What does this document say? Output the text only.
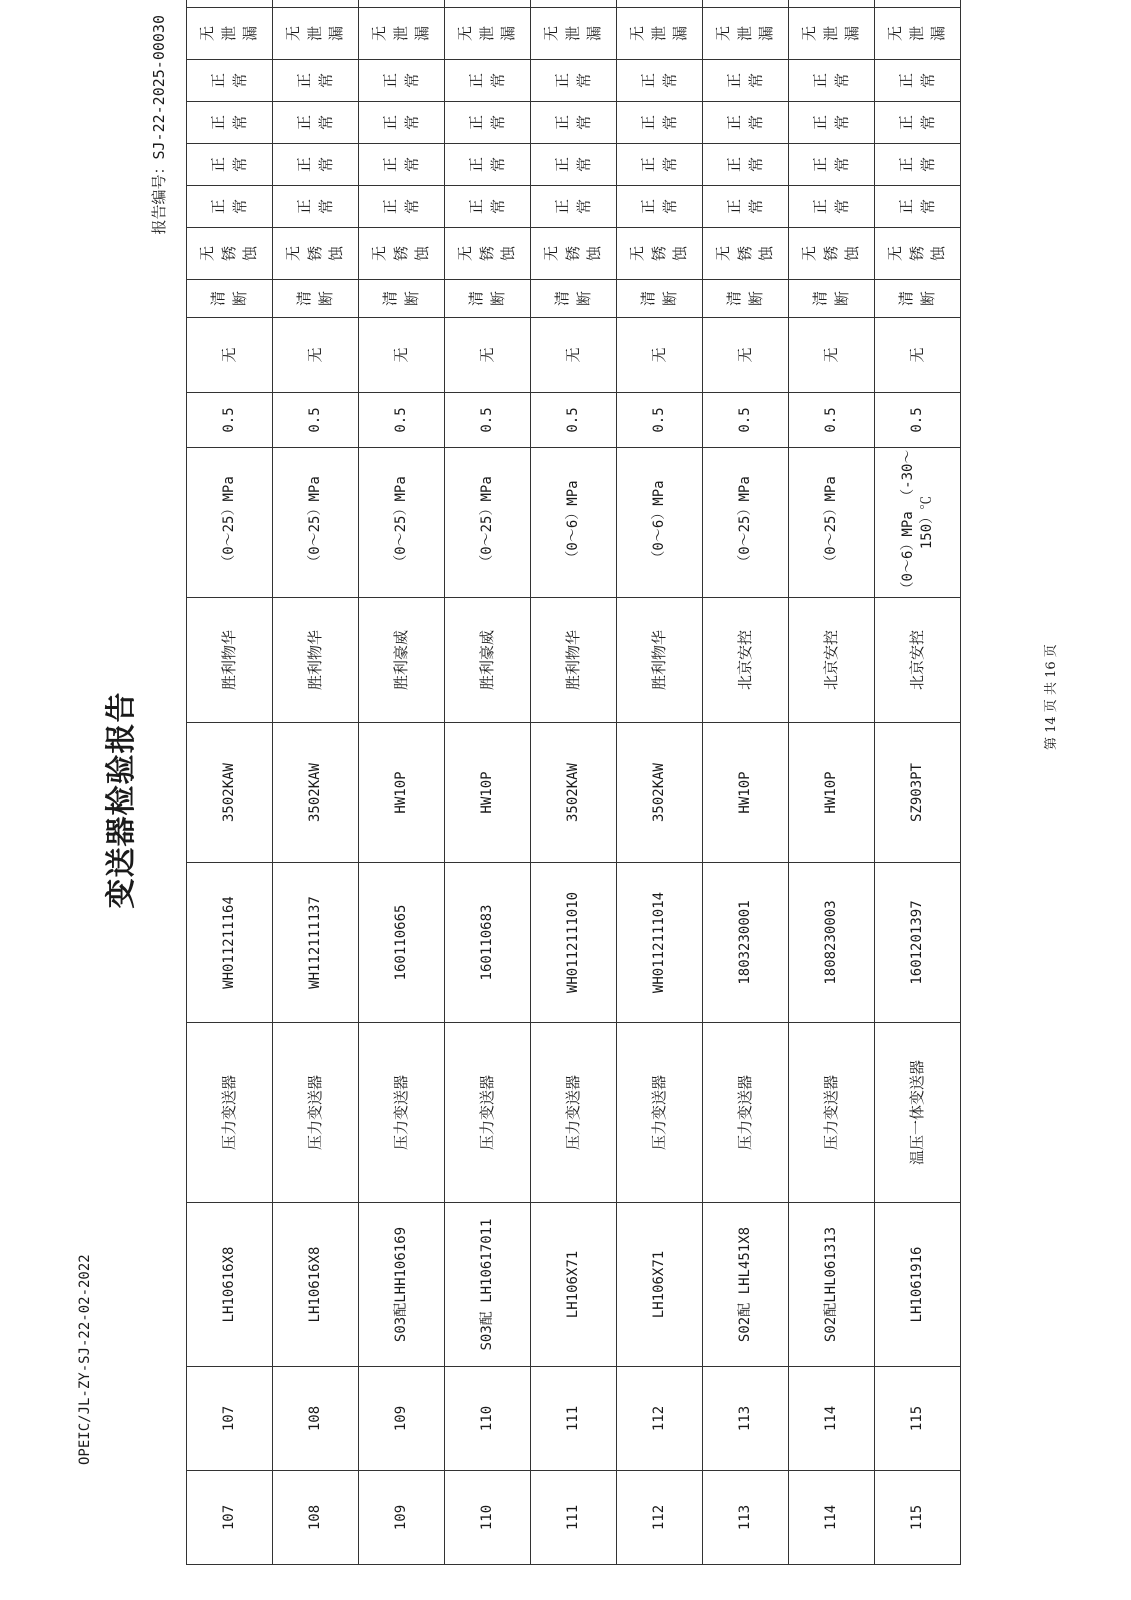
OPEIC/JL-ZY-SJ-22-02-2022
变送器检验报告
报告编号：SJ-22-2025-00030
107	107	LH10616X8	压力变送器	WH011211164	3502KAW	胜利物华	（0～25）MPa	0.5	无	清断	无锈蚀	正常	正常	正常	正常	无泄漏	
108	108	LH10616X8	压力变送器	WH112111137	3502KAW	胜利物华	（0～25）MPa	0.5	无	清断	无锈蚀	正常	正常	正常	正常	无泄漏	
109	109	S03配LHH106169	压力变送器	160110665	HW10P	胜利豪威	（0～25）MPa	0.5	无	清断	无锈蚀	正常	正常	正常	正常	无泄漏	
110	110	S03配 LH10617011	压力变送器	160110683	HW10P	胜利豪威	（0～25）MPa	0.5	无	清断	无锈蚀	正常	正常	正常	正常	无泄漏	
111	111	LH106X71	压力变送器	WH0112111010	3502KAW	胜利物华	（0～6）MPa	0.5	无	清断	无锈蚀	正常	正常	正常	正常	无泄漏	
112	112	LH106X71	压力变送器	WH0112111014	3502KAW	胜利物华	（0～6）MPa	0.5	无	清断	无锈蚀	正常	正常	正常	正常	无泄漏	
113	113	S02配 LHL451X8	压力变送器	1803230001	HW10P	北京安控	（0～25）MPa	0.5	无	清断	无锈蚀	正常	正常	正常	正常	无泄漏	
114	114	S02配LHL061313	压力变送器	1808230003	HW10P	北京安控	（0～25）MPa	0.5	无	清断	无锈蚀	正常	正常	正常	正常	无泄漏	
115	115	LH1061916	温压一体变送器	1601201397	SZ903PT	北京安控	（0～6）MPa （-30～150）℃	0.5	无	清断	无锈蚀	正常	正常	正常	正常	无泄漏	
第 14 页 共 16 页
